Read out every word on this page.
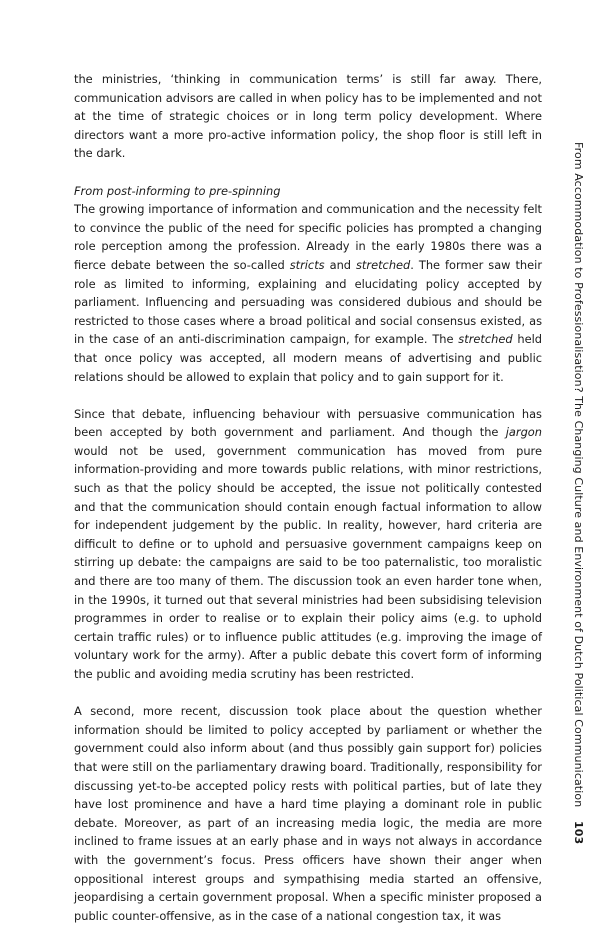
the ministries, ‘thinking in communication terms’ is still far away. There, communication advisors are called in when policy has to be implemented and not at the time of strategic choices or in long term policy development. Where directors want a more pro-active information policy, the shop floor is still left in the dark.

From post-informing to pre-spinning

The growing importance of information and communication and the necessity felt to convince the public of the need for specific policies has prompted a changing role perception among the profession. Already in the early 1980s there was a fierce debate between the so-called stricts and stretched. The former saw their role as limited to informing, explaining and elucidating policy accepted by parliament. Influencing and persuading was considered dubious and should be restricted to those cases where a broad political and social consensus existed, as in the case of an anti-discrimination campaign, for example. The stretched held that once policy was accepted, all modern means of advertising and public relations should be allowed to explain that policy and to gain support for it.

Since that debate, influencing behaviour with persuasive communication has been accepted by both government and parliament. And though the jargon would not be used, government communication has moved from pure information-providing and more towards public relations, with minor restrictions, such as that the policy should be accepted, the issue not politically contested and that the communication should contain enough factual information to allow for independent judgement by the public. In reality, however, hard criteria are difficult to define or to uphold and persuasive government campaigns keep on stirring up debate: the campaigns are said to be too paternalistic, too moralistic and there are too many of them. The discussion took an even harder tone when, in the 1990s, it turned out that several ministries had been subsidising television programmes in order to realise or to explain their policy aims (e.g. to uphold certain traffic rules) or to influence public attitudes (e.g. improving the image of voluntary work for the army). After a public debate this covert form of informing the public and avoiding media scrutiny has been restricted.

A second, more recent, discussion took place about the question whether information should be limited to policy accepted by parliament or whether the government could also inform about (and thus possibly gain support for) policies that were still on the parliamentary drawing board. Traditionally, responsibility for discussing yet-to-be accepted policy rests with political parties, but of late they have lost prominence and have a hard time playing a dominant role in public debate. Moreover, as part of an increasing media logic, the media are more inclined to frame issues at an early phase and in ways not always in accordance with the government’s focus. Press officers have shown their anger when oppositional interest groups and sympathising media started an offensive, jeopardising a certain government proposal. When a specific minister proposed a public counter-offensive, as in the case of a national congestion tax, it was

From Accommodation to Professionalisation? The Changing Culture and Environment of Dutch Political Communication 103
